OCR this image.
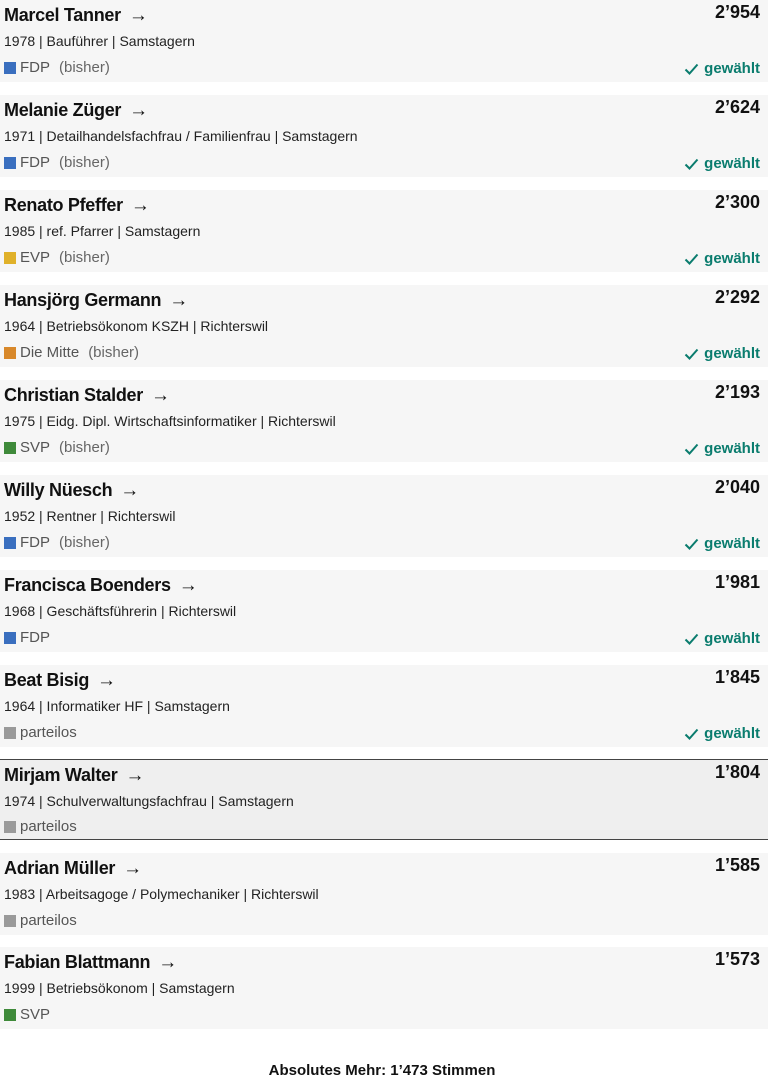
Marcel Tanner →	2’954
1978 | Bauführer | Samstagern
FDP (bisher)	gewählt
Melanie Züger →	2’624
1971 | Detailhandelsfachfrau / Familienfrau | Samstagern
FDP (bisher)	gewählt
Renato Pfeffer →	2’300
1985 | ref. Pfarrer | Samstagern
EVP (bisher)	gewählt
Hansjörg Germann →	2’292
1964 | Betriebsökonom KSZH | Richterswil
Die Mitte (bisher)	gewählt
Christian Stalder →	2’193
1975 | Eidg. Dipl. Wirtschaftsinformatiker | Richterswil
SVP (bisher)	gewählt
Willy Nüesch →	2’040
1952 | Rentner | Richterswil
FDP (bisher)	gewählt
Francisca Boenders →	1’981
1968 | Geschäftsführerin | Richterswil
FDP	gewählt
Beat Bisig →	1’845
1964 | Informatiker HF | Samstagern
parteilos	gewählt
Mirjam Walter →	1’804
1974 | Schulverwaltungsfachfrau | Samstagern
parteilos
Adrian Müller →	1’585
1983 | Arbeitsagoge / Polymechaniker | Richterswil
parteilos
Fabian Blattmann →	1’573
1999 | Betriebsökonom | Samstagern
SVP
Absolutes Mehr: 1’473 Stimmen
